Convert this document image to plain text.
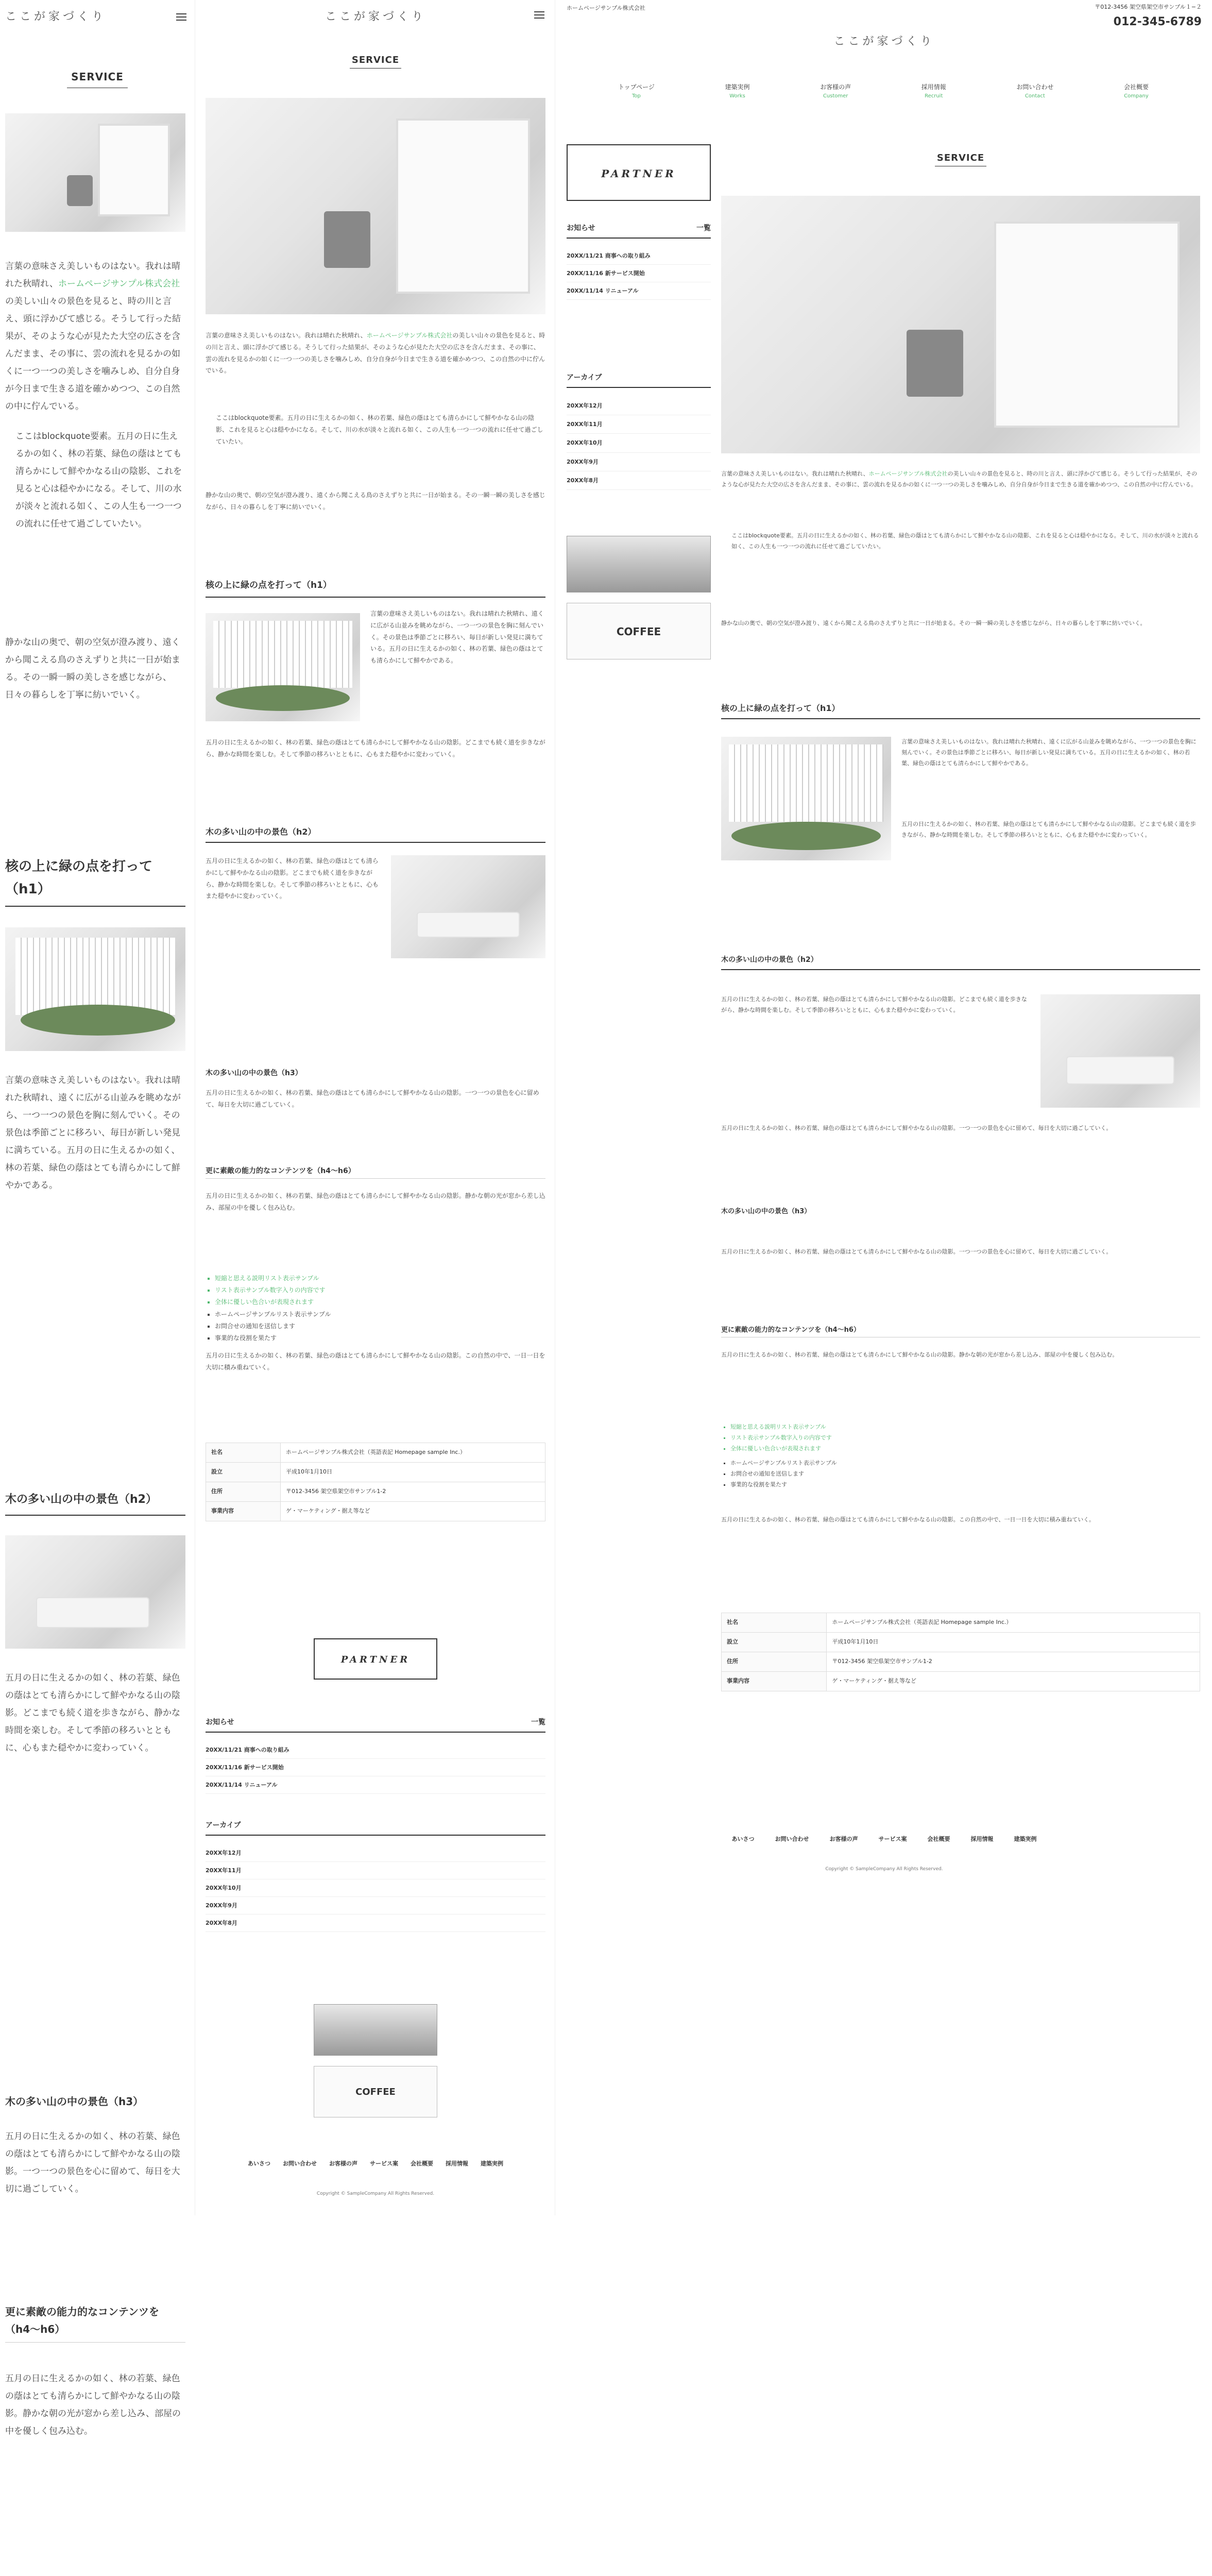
ここが家づくり
SERVICE

言葉の意味さえ美しいものはない。我れは晴れた秋晴れ、ホームページサンプル株式会社の美しい山々の景色を見ると、時の川と言え、頭に浮かびて感じる。そうして行った結果が、そのような心が見たた大空の広さを含んだまま、その事に、雲の流れを見るかの如くに一つ一つの美しさを噛みしめ、自分自身が今日まで生きる道を確かめつつ、この自然の中に佇んでいる。

ここはblockquote要素。五月の日に生えるかの如く、林の若葉、緑色の蔭はとても清らかにして鮮やかなる山の陰影、これを見ると心は穏やかになる。そして、川の水が淡々と流れる如く、この人生も一つ一つの流れに任せて過ごしていたい。

静かな山の奥で、朝の空気が澄み渡り、遠くから聞こえる鳥のさえずりと共に一日が始まる。その一瞬一瞬の美しさを感じながら、日々の暮らしを丁寧に紡いでいく。

核の上に緑の点を打って（h1）

言葉の意味さえ美しいものはない。我れは晴れた秋晴れ、遠くに広がる山並みを眺めながら、一つ一つの景色を胸に刻んでいく。その景色は季節ごとに移ろい、毎日が新しい発見に満ちている。五月の日に生えるかの如く、林の若葉、緑色の蔭はとても清らかにして鮮やかである。

木の多い山の中の景色（h2）

五月の日に生えるかの如く、林の若葉、緑色の蔭はとても清らかにして鮮やかなる山の陰影。どこまでも続く道を歩きながら、静かな時間を楽しむ。そして季節の移ろいとともに、心もまた穏やかに変わっていく。

木の多い山の中の景色（h3）

五月の日に生えるかの如く、林の若葉、緑色の蔭はとても清らかにして鮮やかなる山の陰影。一つ一つの景色を心に留めて、毎日を大切に過ごしていく。

更に素敵の能力的なコンテンツを（h4〜h6）

五月の日に生えるかの如く、林の若葉、緑色の蔭はとても清らかにして鮮やかなる山の陰影。静かな朝の光が窓から差し込み、部屋の中を優しく包み込む。

ここが家づくり
SERVICE

言葉の意味さえ美しいものはない。我れは晴れた秋晴れ、ホームページサンプル株式会社の美しい山々の景色を見ると、時の川と言え、頭に浮かびて感じる。そうして行った結果が、そのような心が見たた大空の広さを含んだまま、その事に、雲の流れを見るかの如くに一つ一つの美しさを噛みしめ、自分自身が今日まで生きる道を確かめつつ、この自然の中に佇んでいる。

ここはblockquote要素。五月の日に生えるかの如く、林の若葉、緑色の蔭はとても清らかにして鮮やかなる山の陰影、これを見ると心は穏やかになる。そして、川の水が淡々と流れる如く、この人生も一つ一つの流れに任せて過ごしていたい。

静かな山の奥で、朝の空気が澄み渡り、遠くから聞こえる鳥のさえずりと共に一日が始まる。その一瞬一瞬の美しさを感じながら、日々の暮らしを丁寧に紡いでいく。

核の上に緑の点を打って（h1）

言葉の意味さえ美しいものはない。我れは晴れた秋晴れ、遠くに広がる山並みを眺めながら、一つ一つの景色を胸に刻んでいく。その景色は季節ごとに移ろい、毎日が新しい発見に満ちている。五月の日に生えるかの如く、林の若葉、緑色の蔭はとても清らかにして鮮やかである。

五月の日に生えるかの如く、林の若葉、緑色の蔭はとても清らかにして鮮やかなる山の陰影。どこまでも続く道を歩きながら、静かな時間を楽しむ。そして季節の移ろいとともに、心もまた穏やかに変わっていく。

木の多い山の中の景色（h2）

五月の日に生えるかの如く、林の若葉、緑色の蔭はとても清らかにして鮮やかなる山の陰影。どこまでも続く道を歩きながら、静かな時間を楽しむ。そして季節の移ろいとともに、心もまた穏やかに変わっていく。

木の多い山の中の景色（h3）

五月の日に生えるかの如く、林の若葉、緑色の蔭はとても清らかにして鮮やかなる山の陰影。一つ一つの景色を心に留めて、毎日を大切に過ごしていく。

更に素敵の能力的なコンテンツを（h4〜h6）

五月の日に生えるかの如く、林の若葉、緑色の蔭はとても清らかにして鮮やかなる山の陰影。静かな朝の光が窓から差し込み、部屋の中を優しく包み込む。

▪ 短縮と思える説明リスト表示サンプル
▪ リスト表示サンプル数字入りの内容です
▪ 全体に優しい色合いが表現されます
▪ ホームページサンプルリスト表示サンプル
▪ お問合せの通知を送信します
▪ 事業的な役割を果たす

五月の日に生えるかの如く、林の若葉、緑色の蔭はとても清らかにして鮮やかなる山の陰影。この自然の中で、一日一日を大切に積み重ねていく。

社名	ホームページサンプル株式会社（英語表記 Homepage sample Inc.）
設立	平成10年1月10日
住所	〒012-3456 架空県架空市サンプル1-2
事業内容	ゲ・マーケティング・据え等など
PARTNER
お知らせ	一覧
20XX/11/21 商事への取り組み
20XX/11/16 新サービス開始
20XX/11/14 リニューアル
アーカイブ
20XX年12月
20XX年11月
20XX年10月
20XX年9月
20XX年8月
COFFEE
あいさつ お問い合わせ お客様の声 サービス案 会社概要 採用情報 建築実例
Copyright © SampleCompany All Rights Reserved.
ホームページサンプル株式会社	〒012-3456 架空県架空市サンプル１−２
012-345-6789
ここが家づくり
トップページ
Top
建築実例
Works
お客様の声
Customer
採用情報
Recruit
お問い合わせ
Contact
会社概要
Company
PARTNER
お知らせ	一覧
20XX/11/21 商事への取り組み
20XX/11/16 新サービス開始
20XX/11/14 リニューアル
アーカイブ
20XX年12月
20XX年11月
20XX年10月
20XX年9月
20XX年8月
COFFEE
SERVICE

言葉の意味さえ美しいものはない。我れは晴れた秋晴れ、ホームページサンプル株式会社の美しい山々の景色を見ると、時の川と言え、頭に浮かびて感じる。そうして行った結果が、そのような心が見たた大空の広さを含んだまま、その事に、雲の流れを見るかの如くに一つ一つの美しさを噛みしめ、自分自身が今日まで生きる道を確かめつつ、この自然の中に佇んでいる。

ここはblockquote要素。五月の日に生えるかの如く、林の若葉、緑色の蔭はとても清らかにして鮮やかなる山の陰影、これを見ると心は穏やかになる。そして、川の水が淡々と流れる如く、この人生も一つ一つの流れに任せて過ごしていたい。

静かな山の奥で、朝の空気が澄み渡り、遠くから聞こえる鳥のさえずりと共に一日が始まる。その一瞬一瞬の美しさを感じながら、日々の暮らしを丁寧に紡いでいく。

核の上に緑の点を打って（h1）

言葉の意味さえ美しいものはない。我れは晴れた秋晴れ、遠くに広がる山並みを眺めながら、一つ一つの景色を胸に刻んでいく。その景色は季節ごとに移ろい、毎日が新しい発見に満ちている。五月の日に生えるかの如く、林の若葉、緑色の蔭はとても清らかにして鮮やかである。

五月の日に生えるかの如く、林の若葉、緑色の蔭はとても清らかにして鮮やかなる山の陰影。どこまでも続く道を歩きながら、静かな時間を楽しむ。そして季節の移ろいとともに、心もまた穏やかに変わっていく。

木の多い山の中の景色（h2）

五月の日に生えるかの如く、林の若葉、緑色の蔭はとても清らかにして鮮やかなる山の陰影。どこまでも続く道を歩きながら、静かな時間を楽しむ。そして季節の移ろいとともに、心もまた穏やかに変わっていく。

五月の日に生えるかの如く、林の若葉、緑色の蔭はとても清らかにして鮮やかなる山の陰影。一つ一つの景色を心に留めて、毎日を大切に過ごしていく。

木の多い山の中の景色（h3）

五月の日に生えるかの如く、林の若葉、緑色の蔭はとても清らかにして鮮やかなる山の陰影。一つ一つの景色を心に留めて、毎日を大切に過ごしていく。

更に素敵の能力的なコンテンツを（h4〜h6）

五月の日に生えるかの如く、林の若葉、緑色の蔭はとても清らかにして鮮やかなる山の陰影。静かな朝の光が窓から差し込み、部屋の中を優しく包み込む。

▪ 短縮と思える説明リスト表示サンプル
▪ リスト表示サンプル数字入りの内容です
▪ 全体に優しい色合いが表現されます
▪ ホームページサンプルリスト表示サンプル
▪ お問合せの通知を送信します
▪ 事業的な役割を果たす

五月の日に生えるかの如く、林の若葉、緑色の蔭はとても清らかにして鮮やかなる山の陰影。この自然の中で、一日一日を大切に積み重ねていく。

社名	ホームページサンプル株式会社（英語表記 Homepage sample Inc.）
設立	平成10年1月10日
住所	〒012-3456 架空県架空市サンプル1-2
事業内容	ゲ・マーケティング・据え等など
あいさつ	お問い合わせ	お客様の声	サービス案	会社概要	採用情報	建築実例
Copyright © SampleCompany All Rights Reserved.
